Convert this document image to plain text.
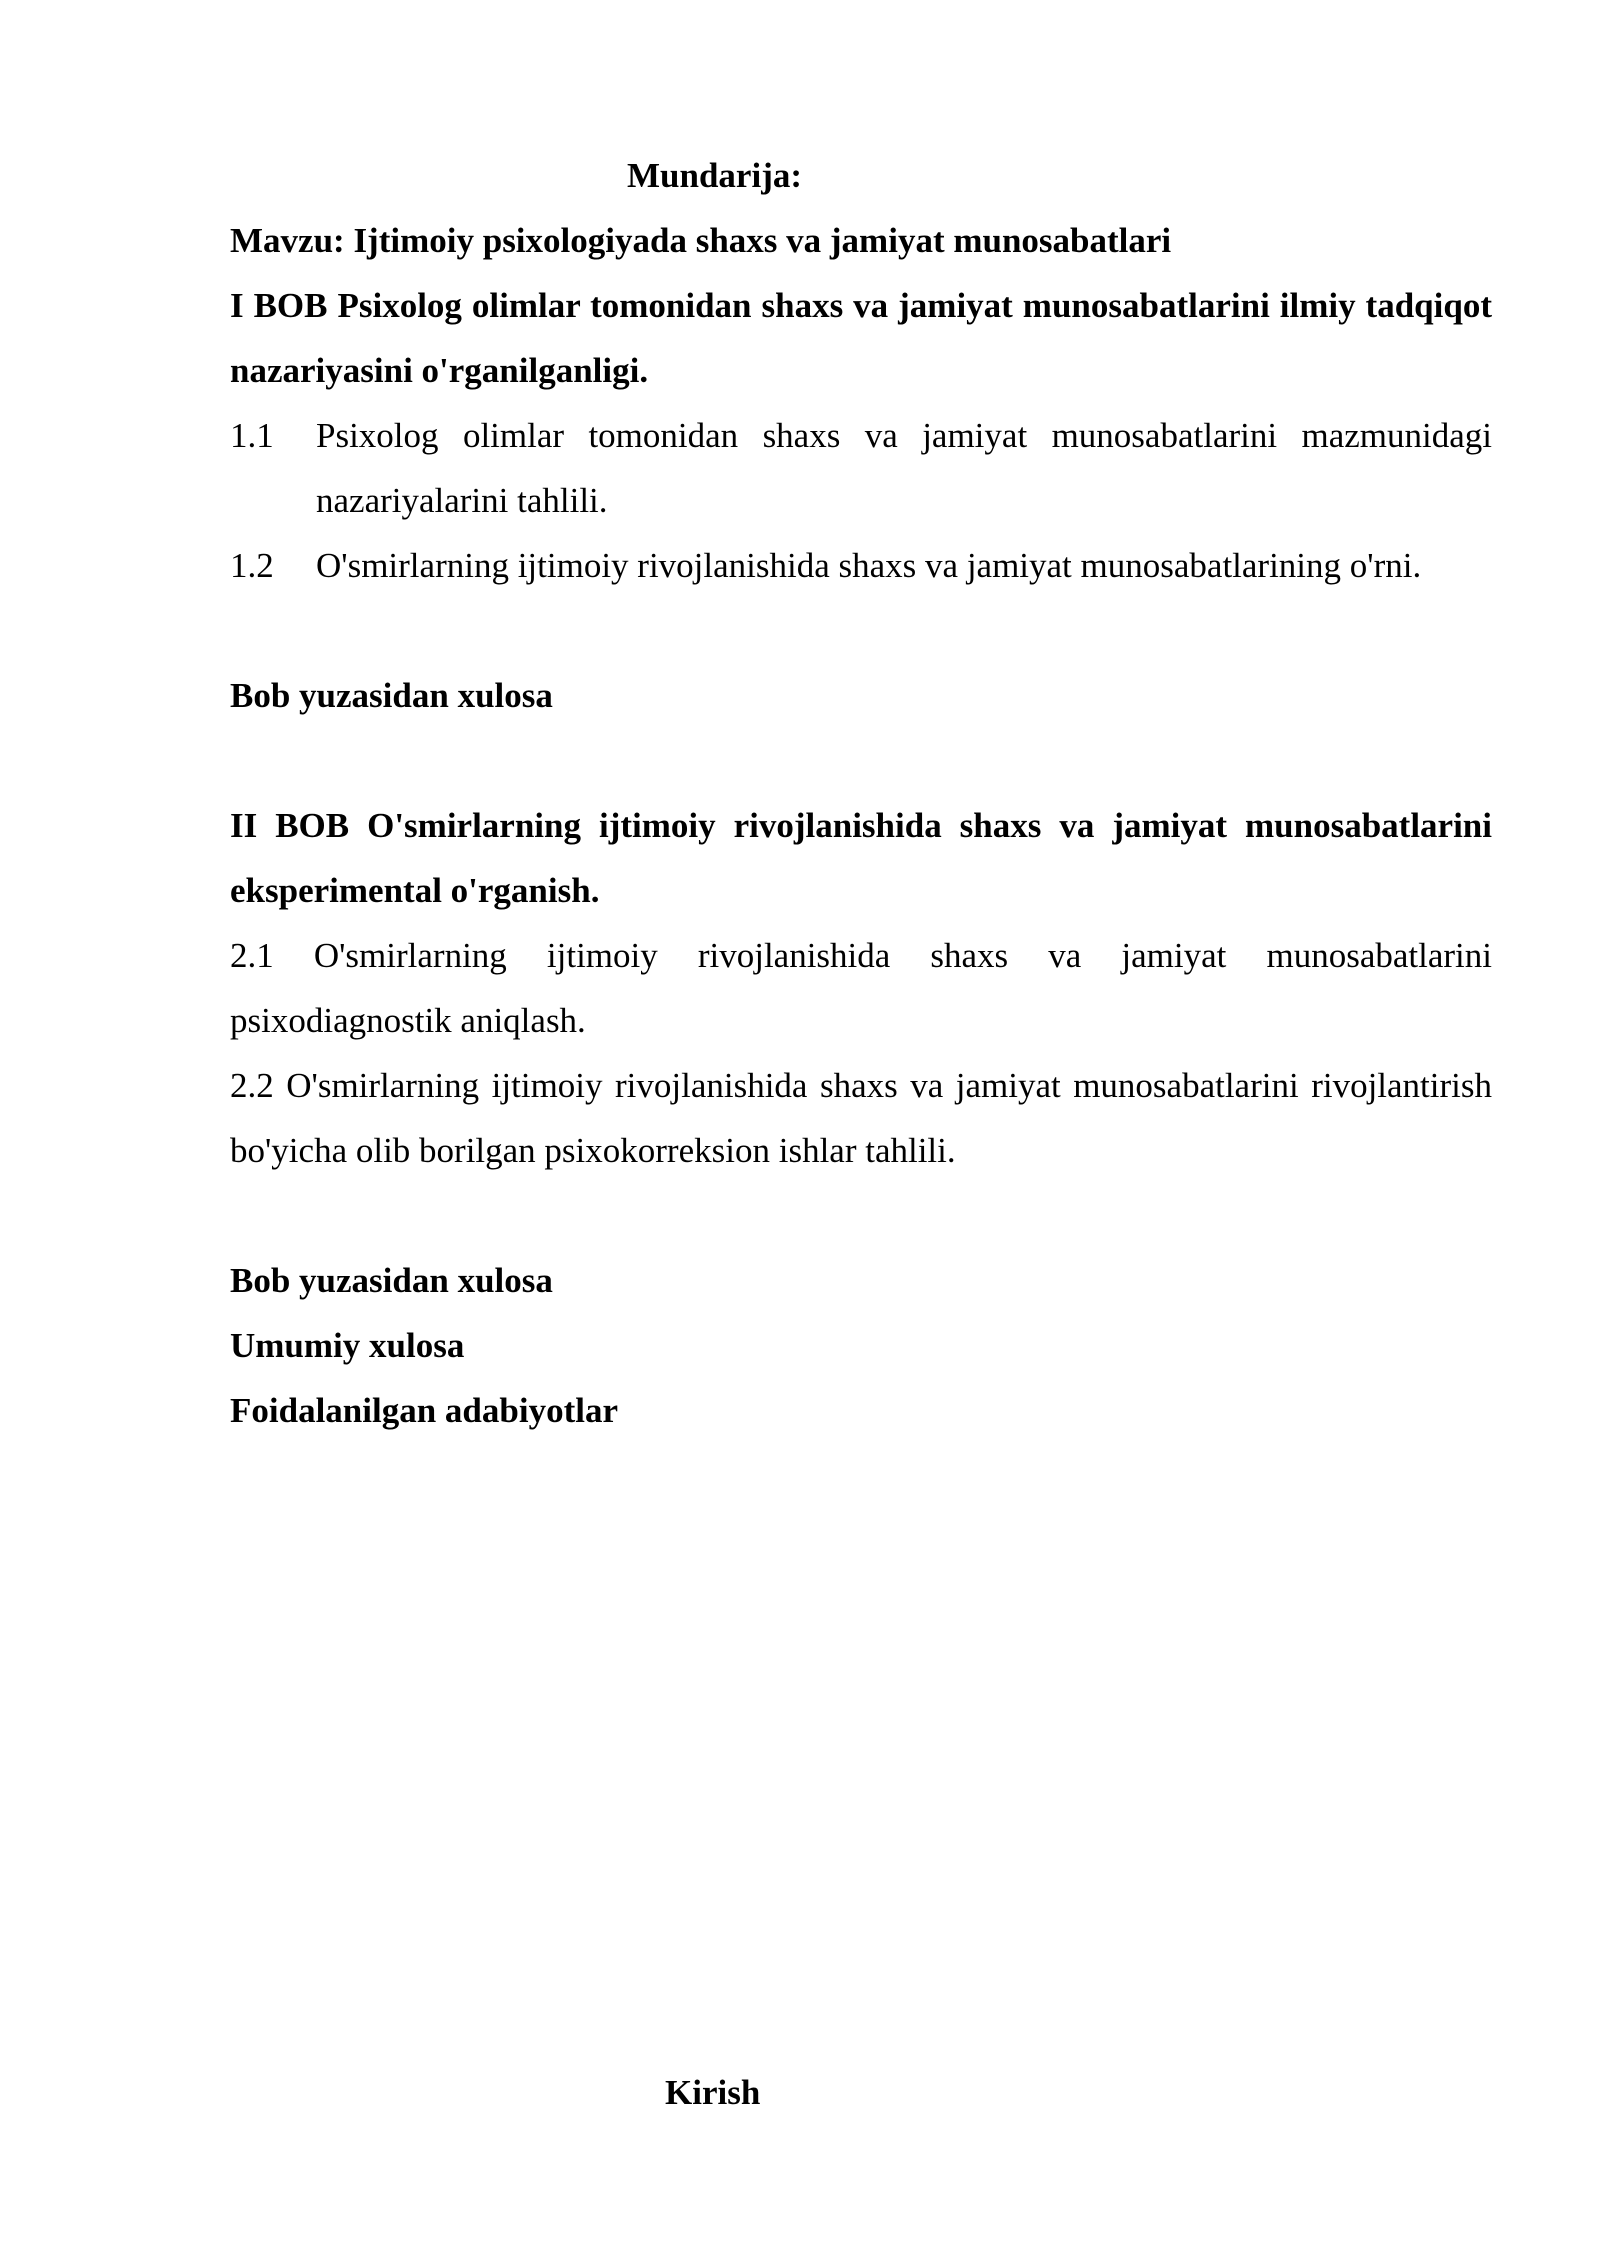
Mundarija:
Mavzu: Ijtimoiy psixologiyada shaxs va jamiyat munosabatlari
I BOB Psixolog olimlar tomonidan shaxs va jamiyat munosabatlarini ilmiy tadqiqot nazariyasini o'rganilganligi.
1.1	Psixolog olimlar tomonidan shaxs va jamiyat munosabatlarini mazmunidagi nazariyalarini tahlili.
1.2	O'smirlarning ijtimoiy rivojlanishida shaxs va jamiyat munosabatlarining o'rni.
Bob yuzasidan xulosa
II BOB O'smirlarning ijtimoiy rivojlanishida shaxs va jamiyat munosabatlarini eksperimental o'rganish.
2.1 O'smirlarning ijtimoiy rivojlanishida shaxs va jamiyat munosabatlarini psixodiagnostik aniqlash.
2.2 O'smirlarning ijtimoiy rivojlanishida shaxs va jamiyat munosabatlarini rivojlantirish bo'yicha olib borilgan psixokorreksion ishlar tahlili.
Bob yuzasidan xulosa
Umumiy xulosa
Foidalanilgan adabiyotlar
Kirish
